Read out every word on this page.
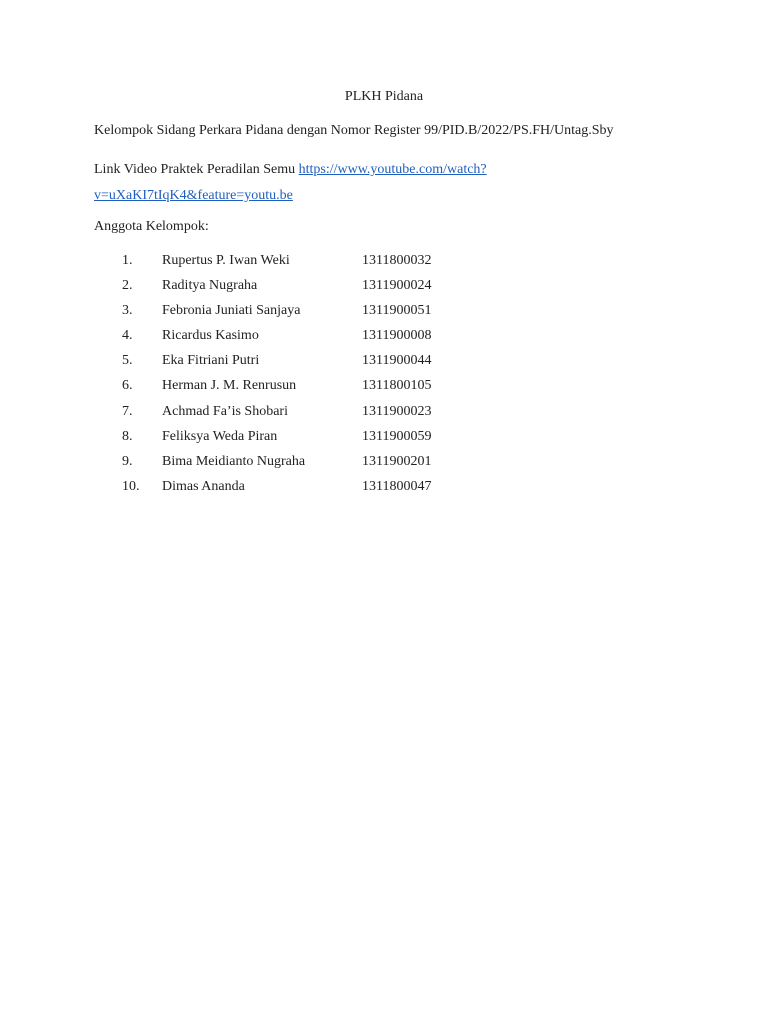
PLKH Pidana
Kelompok Sidang Perkara Pidana dengan Nomor Register 99/PID.B/2022/PS.FH/Untag.Sby
Link Video Praktek Peradilan Semu https://www.youtube.com/watch?
v=uXaKI7tIqK4&feature=youtu.be
Anggota Kelompok:
1.	Rupertus P. Iwan Weki	1311800032
2.	Raditya Nugraha	1311900024
3.	Febronia Juniati Sanjaya	1311900051
4.	Ricardus Kasimo	1311900008
5.	Eka Fitriani Putri	1311900044
6.	Herman J. M. Renrusun	1311800105
7.	Achmad Fa’is Shobari	1311900023
8.	Feliksya Weda Piran	1311900059
9.	Bima Meidianto Nugraha	1311900201
10.	Dimas Ananda	1311800047
